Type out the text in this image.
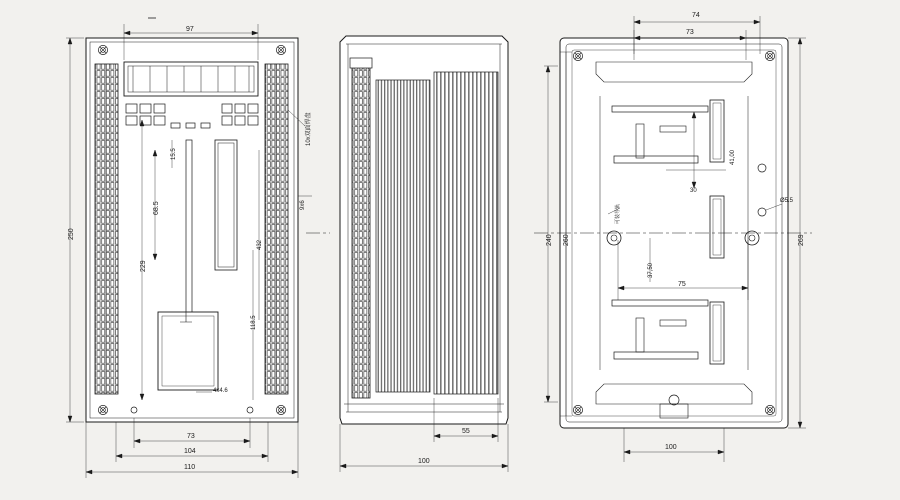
97
250
229
68.5
15.5
9x6
10x双面焊盘
432
118.5
4x4.6
73
104
110
55
100
74
73
41,00
30
37,50
75
240 260	269
Ø5.5
可装导轨
100
